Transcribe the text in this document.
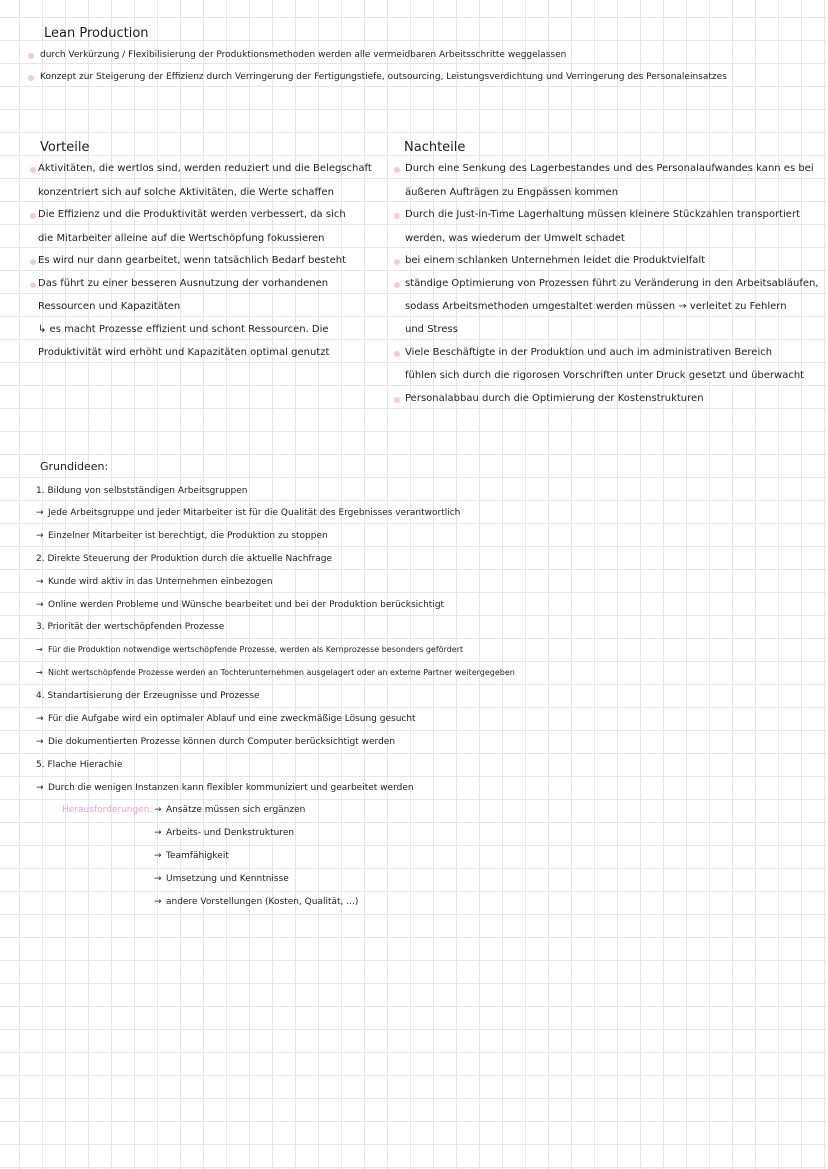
Lean Production
durch Verkürzung / Flexibilisierung der Produktionsmethoden werden alle vermeidbaren Arbeitsschritte weggelassen
Konzept zur Steigerung der Effizienz durch Verringerung der Fertigungstiefe, outsourcing, Leistungsverdichtung und Verringerung des Personaleinsatzes
Vorteile
Aktivitäten, die wertlos sind, werden reduziert und die Belegschaft
konzentriert sich auf solche Aktivitäten, die Werte schaffen
Die Effizienz und die Produktivität werden verbessert, da sich
die Mitarbeiter alleine auf die Wertschöpfung fokussieren
Es wird nur dann gearbeitet, wenn tatsächlich Bedarf besteht
Das führt zu einer besseren Ausnutzung der vorhandenen
Ressourcen und Kapazitäten
↳ es macht Prozesse effizient und schont Ressourcen. Die
Produktivität wird erhöht und Kapazitäten optimal genutzt
Nachteile
Durch eine Senkung des Lagerbestandes und des Personalaufwandes kann es bei
äußeren Aufträgen zu Engpässen kommen
Durch die Just-in-Time Lagerhaltung müssen kleinere Stückzahlen transportiert
werden, was wiederum der Umwelt schadet
bei einem schlanken Unternehmen leidet die Produktvielfalt
ständige Optimierung von Prozessen führt zu Veränderung in den Arbeitsabläufen,
sodass Arbeitsmethoden umgestaltet werden müssen → verleitet zu Fehlern
und Stress
Viele Beschäftigte in der Produktion und auch im administrativen Bereich
fühlen sich durch die rigorosen Vorschriften unter Druck gesetzt und überwacht
Personalabbau durch die Optimierung der Kostenstrukturen
Grundideen:
1. Bildung von selbstständigen Arbeitsgruppen
→ Jede Arbeitsgruppe und jeder Mitarbeiter ist für die Qualität des Ergebnisses verantwortlich
→ Einzelner Mitarbeiter ist berechtigt, die Produktion zu stoppen
2. Direkte Steuerung der Produktion durch die aktuelle Nachfrage
→ Kunde wird aktiv in das Unternehmen einbezogen
→ Online werden Probleme und Wünsche bearbeitet und bei der Produktion berücksichtigt
3. Priorität der wertschöpfenden Prozesse
→ Für die Produktion notwendige wertschöpfende Prozesse, werden als Kernprozesse besonders gefördert
→ Nicht wertschöpfende Prozesse werden an Tochterunternehmen ausgelagert oder an externe Partner weitergegeben
4. Standartisierung der Erzeugnisse und Prozesse
→ Für die Aufgabe wird ein optimaler Ablauf und eine zweckmäßige Lösung gesucht
→ Die dokumentierten Prozesse können durch Computer berücksichtigt werden
5. Flache Hierachie
→ Durch die wenigen Instanzen kann flexibler kommuniziert und gearbeitet werden
Herausforderungen: → Ansätze müssen sich ergänzen
→ Arbeits- und Denkstrukturen
→ Teamfähigkeit
→ Umsetzung und Kenntnisse
→ andere Vorstellungen (Kosten, Qualität, ...)
